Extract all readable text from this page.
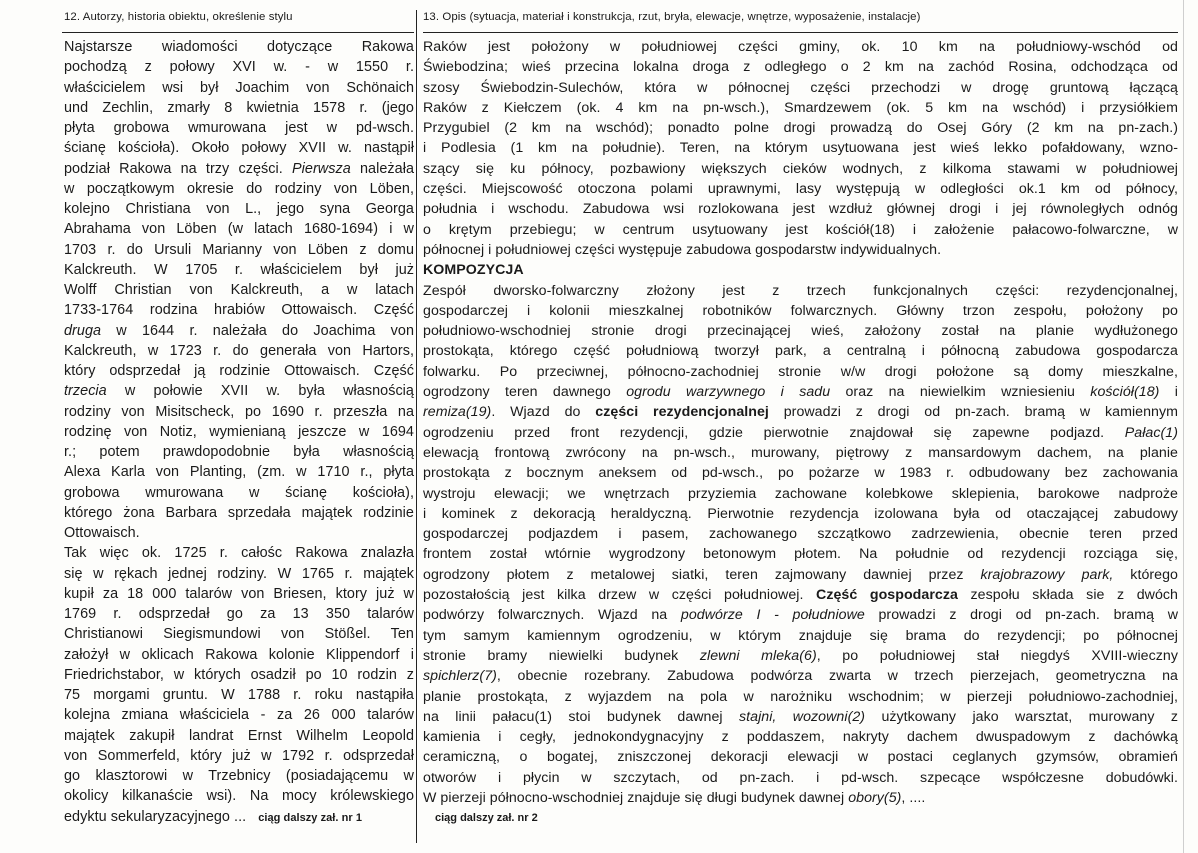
12. Autorzy, historia obiektu, określenie stylu
Najstarsze wiadomości dotyczące Rakowa
pochodzą z połowy XVI w. - w 1550 r.
właścicielem wsi był Joachim von Schönaich
und Zechlin, zmarły 8 kwietnia 1578 r. (jego
płyta grobowa wmurowana jest w pd-wsch.
ścianę kościoła). Około połowy XVII w. nastąpił
podział Rakowa na trzy części. Pierwsza należała
w początkowym okresie do rodziny von Löben,
kolejno Christiana von L., jego syna Georga
Abrahama von Löben (w latach 1680-1694) i w
1703 r. do Ursuli Marianny von Löben z domu
Kalckreuth. W 1705 r. właścicielem był już
Wolff Christian von Kalckreuth, a w latach
1733-1764 rodzina hrabiów Ottowaisch. Część
druga w 1644 r. należała do Joachima von
Kalckreuth, w 1723 r. do generała von Hartors,
który odsprzedał ją rodzinie Ottowaisch. Część
trzecia w połowie XVII w. była własnością
rodziny von Misitscheck, po 1690 r. przeszła na
rodzinę von Notiz, wymienianą jeszcze w 1694
r.; potem prawdopodobnie była własnością
Alexa Karla von Planting, (zm. w 1710 r., płyta
grobowa wmurowana w ścianę kościoła),
którego żona Barbara sprzedała majątek rodzinie
Ottowaisch.
Tak więc ok. 1725 r. całośc Rakowa znalazła
się w rękach jednej rodziny. W 1765 r. majątek
kupił za 18 000 talarów von Briesen, ktory już w
1769 r. odsprzedał go za 13 350 talarów
Christianowi Siegismundowi von Stößel. Ten
założył w oklicach Rakowa kolonie Klippendorf i
Friedrichstabor, w których osadził po 10 rodzin z
75 morgami gruntu. W 1788 r. roku nastąpiła
kolejna zmiana właściciela - za 26 000 talarów
majątek zakupił landrat Ernst Wilhelm Leopold
von Sommerfeld, który już w 1792 r. odsprzedał
go klasztorowi w Trzebnicy (posiadającemu w
okolicy kilkanaście wsi). Na mocy królewskiego
edyktu sekularyzacyjnego ... ciąg dalszy zał. nr 1
13. Opis (sytuacja, materiał i konstrukcja, rzut, bryła, elewacje, wnętrze, wyposażenie, instalacje)
Raków jest położony w południowej części gminy, ok. 10 km na południowy-wschód od
Świebodzina; wieś przecina lokalna droga z odległego o 2 km na zachód Rosina, odchodząca od
szosy Świebodzin-Sulechów, która w północnej części przechodzi w drogę gruntową łączącą
Raków z Kiełczem (ok. 4 km na pn-wsch.), Smardzewem (ok. 5 km na wschód) i przysiółkiem
Przygubiel (2 km na wschód); ponadto polne drogi prowadzą do Osej Góry (2 km na pn-zach.)
i Podlesia (1 km na południe). Teren, na którym usytuowana jest wieś lekko pofałdowany, wzno-
szący się ku północy, pozbawiony większych cieków wodnych, z kilkoma stawami w południowej
części. Miejscowość otoczona polami uprawnymi, lasy występują w odległości ok.1 km od północy,
południa i wschodu. Zabudowa wsi rozlokowana jest wzdłuż głównej drogi i jej równoległych odnóg
o krętym przebiegu; w centrum usytuowany jest kościół(18) i założenie pałacowo-folwarczne, w
północnej i południowej części występuje zabudowa gospodarstw indywidualnych.
KOMPOZYCJA
Zespół dworsko-folwarczny złożony jest z trzech funkcjonalnych części: rezydencjonalnej,
gospodarczej i kolonii mieszkalnej robotników folwarcznych. Główny trzon zespołu, położony po
południowo-wschodniej stronie drogi przecinającej wieś, założony został na planie wydłużonego
prostokąta, którego część południową tworzył park, a centralną i północną zabudowa gospodarcza
folwarku. Po przeciwnej, północno-zachodniej stronie w/w drogi położone są domy mieszkalne,
ogrodzony teren dawnego ogrodu warzywnego i sadu oraz na niewielkim wzniesieniu kościół(18) i
remiza(19). Wjazd do części rezydencjonalnej prowadzi z drogi od pn-zach. bramą w kamiennym
ogrodzeniu przed front rezydencji, gdzie pierwotnie znajdował się zapewne podjazd. Pałac(1)
elewacją frontową zwrócony na pn-wsch., murowany, piętrowy z mansardowym dachem, na planie
prostokąta z bocznym aneksem od pd-wsch., po pożarze w 1983 r. odbudowany bez zachowania
wystroju elewacji; we wnętrzach przyziemia zachowane kolebkowe sklepienia, barokowe nadproże
i kominek z dekoracją heraldyczną. Pierwotnie rezydencja izolowana była od otaczającej zabudowy
gospodarczej podjazdem i pasem, zachowanego szczątkowo zadrzewienia, obecnie teren przed
frontem został wtórnie wygrodzony betonowym płotem. Na południe od rezydencji rozciąga się,
ogrodzony płotem z metalowej siatki, teren zajmowany dawniej przez krajobrazowy park, którego
pozostałością jest kilka drzew w części południowej. Część gospodarcza zespołu składa sie z dwóch
podwórzy folwarcznych. Wjazd na podwórze I - południowe prowadzi z drogi od pn-zach. bramą w
tym samym kamiennym ogrodzeniu, w którym znajduje się brama do rezydencji; po północnej
stronie bramy niewielki budynek zlewni mleka(6), po południowej stał niegdyś XVIII-wieczny
spichlerz(7), obecnie rozebrany. Zabudowa podwórza zwarta w trzech pierzejach, geometryczna na
planie prostokąta, z wyjazdem na pola w narożniku wschodnim; w pierzeji południowo-zachodniej,
na linii pałacu(1) stoi budynek dawnej stajni, wozowni(2) użytkowany jako warsztat, murowany z
kamienia i cegły, jednokondygnacyjny z poddaszem, nakryty dachem dwuspadowym z dachówką
ceramiczną, o bogatej, zniszczonej dekoracji elewacji w postaci ceglanych gzymsów, obramień
otworów i płycin w szczytach, od pn-zach. i pd-wsch. szpecące współczesne dobudówki.
W pierzeji północno-wschodniej znajduje się długi budynek dawnej obory(5), ....
ciąg dalszy zał. nr 2
